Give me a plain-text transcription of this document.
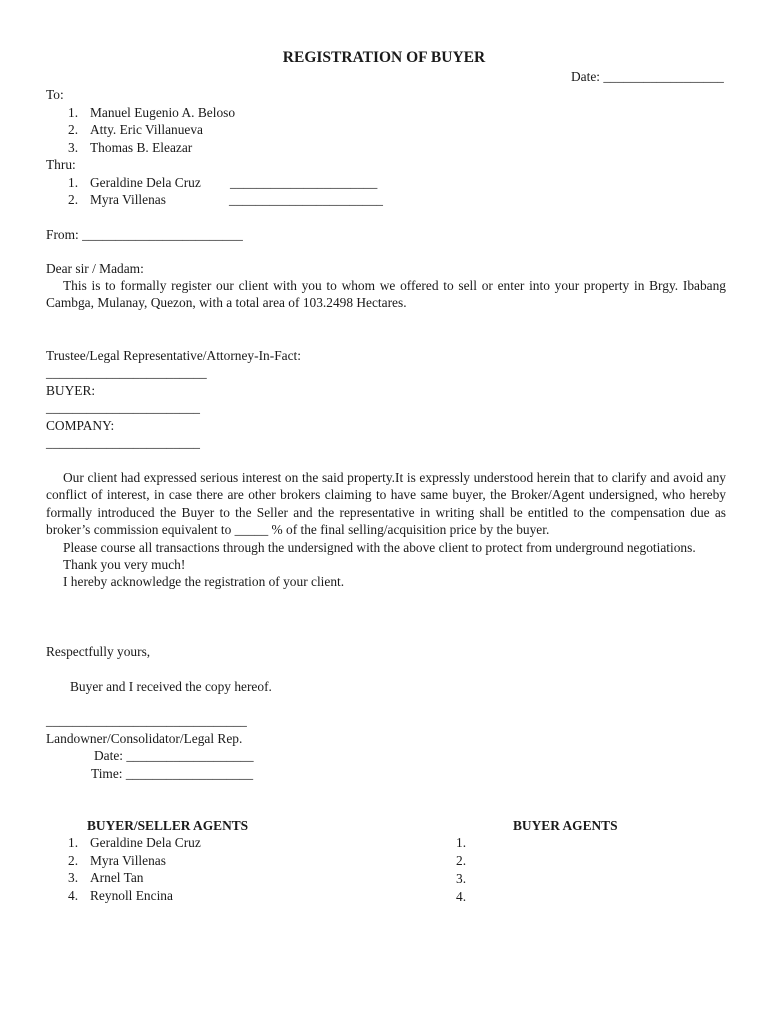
REGISTRATION OF BUYER
Date: __________________
To:
1. Manuel Eugenio A. Beloso
2. Atty. Eric Villanueva
3. Thomas B. Eleazar
Thru:
1. Geraldine Dela Cruz ______________________
2. Myra Villenas	_______________________
From: ________________________
Dear sir / Madam:

This is to formally register our client with you to whom we offered to sell or enter into your property in Brgy. Ibabang Cambga, Mulanay, Quezon, with a total area of 103.2498 Hectares.

Trustee/Legal Representative/Attorney-In-Fact:
________________________
BUYER:
_______________________
COMPANY:
_______________________

Our client had expressed serious interest on the said property.It is expressly understood herein that to clarify and avoid any conflict of interest, in case there are other brokers claiming to have same buyer, the Broker/Agent undersigned, who hereby formally introduced the Buyer to the Seller and the representative in writing shall be entitled to the compensation due as broker’s commission equivalent to _____ % of the final selling/acquisition price by the buyer.

Please course all transactions through the undersigned with the above client to protect from underground negotiations.

Thank you very much!

I hereby acknowledge the registration of your client.

Respectfully yours,
Buyer and I received the copy hereof.
______________________________
Landowner/Consolidator/Legal Rep.
Date: ___________________
Time: ___________________
BUYER/SELLER AGENTS
1. Geraldine Dela Cruz
2. Myra Villenas
3. Arnel Tan
4. Reynoll Encina
BUYER AGENTS
1.
2.
3.
4.
